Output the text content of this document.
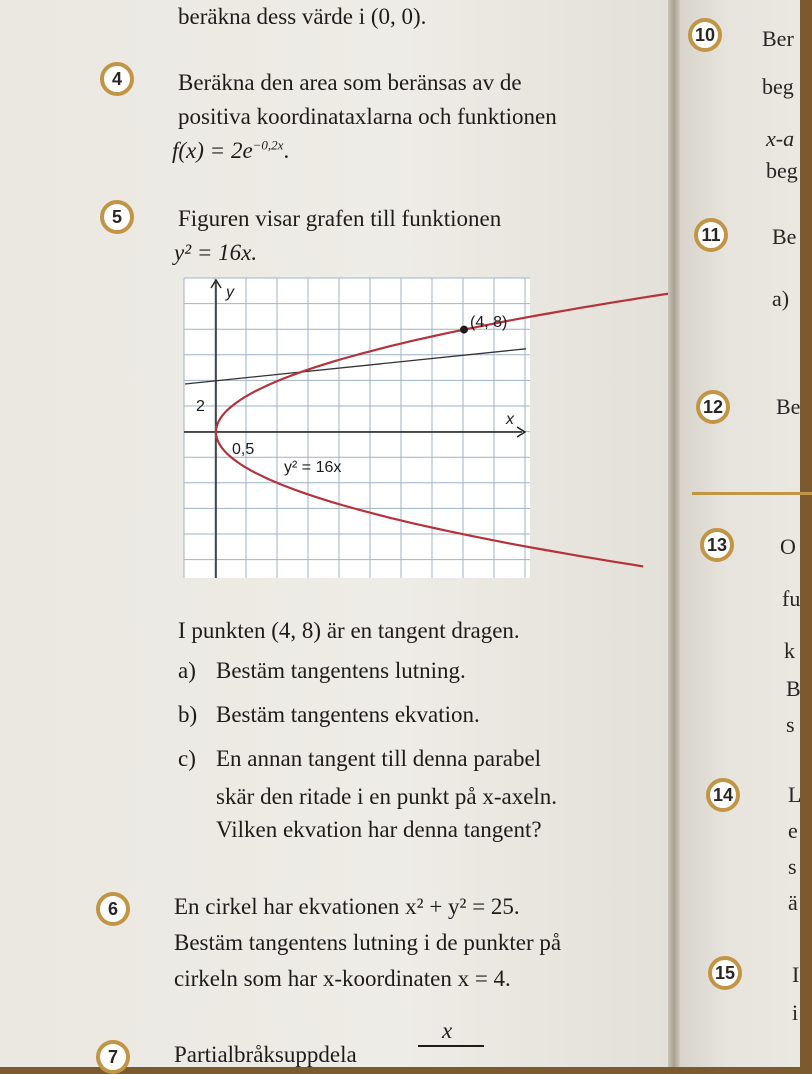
beräkna dess värde i (0, 0).
4	Beräkna den area som beränsas av de
positiva koordinataxlarna och funktionen
$f(x) = 2e^{-0,2x}$.
5	Figuren visar grafen till funktionen
y² = 16x.
y
x
2
0,5
(4, 8)
y² = 16x
I punkten (4, 8) är en tangent dragen.
a) Bestäm tangentens lutning.
b) Bestäm tangentens ekvation.
c) En annan tangent till denna parabel
skär den ritade i en punkt på x-axeln.
Vilken ekvation har denna tangent?
6	En cirkel har ekvationen x² + y² = 25.
Bestäm tangentens lutning i de punkter på
cirkeln som har x-koordinaten x = 4.
7	Partialbråksuppdela
x
10	Ber
beg
x-a
beg
11	Be
a)
12	Be
13	O
fu
k
B
s
14	L
e
s
ä
15	I
i
